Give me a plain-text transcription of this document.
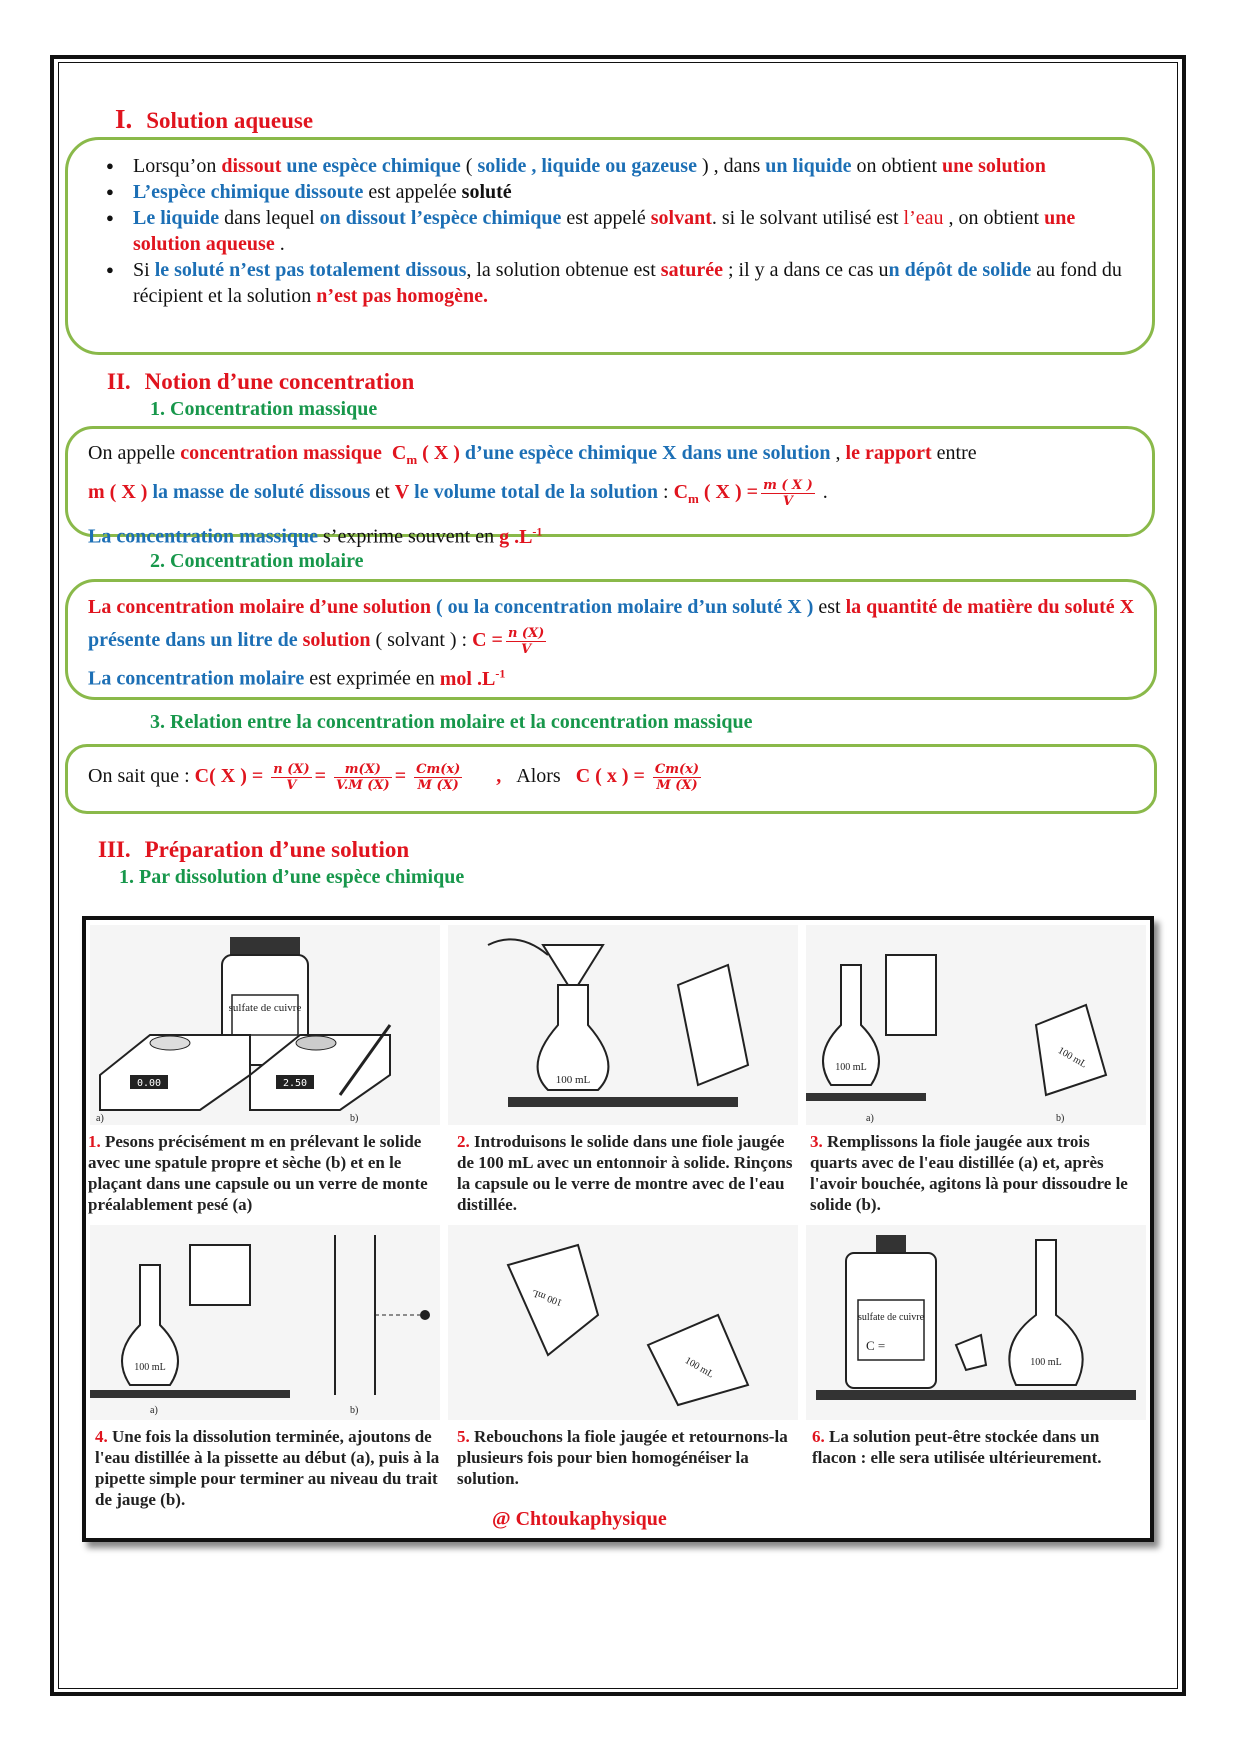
I. Solution aqueuse
● Lorsqu’on dissout une espèce chimique ( solide , liquide ou gazeuse ) , dans un liquide on obtient une solution
● L’espèce chimique dissoute est appelée soluté
● Le liquide dans lequel on dissout l’espèce chimique est appelé solvant. si le solvant utilisé est l’eau , on obtient une solution aqueuse .
● Si le soluté n’est pas totalement dissous, la solution obtenue est saturée ; il y a dans ce cas un dépôt de solide au fond du récipient et la solution n’est pas homogène.
II. Notion d’une concentration
1. Concentration massique
On appelle concentration massique $C_m$ ( X ) d’une espèce chimique X dans une solution , le rapport entre
m ( X ) la masse de soluté dissous et V le volume total de la solution : $C_m$ ( X ) = $\frac{m ( X )}{V}$ .
La concentration massique s’exprime souvent en g $.L^{-1}$
2. Concentration molaire
La concentration molaire d’une solution ( ou la concentration molaire d’un soluté X ) est la quantité de matière du soluté X présente dans un litre de solution ( solvant ) : $C = \frac{n (X)}{V}$

La concentration molaire est exprimée en mol $.L^{-1}$
3. Relation entre la concentration molaire et la concentration massique
On sait que : C( X ) = $\frac{n (X)}{V} = \frac{m(X)}{V.M (X)} = \frac{Cm(x)}{M (X)}$ , Alors C ( x ) = $\frac{Cm(x)}{M (X)}$
III. Préparation d’une solution
1. Par dissolution d’une espèce chimique
sulfate de cuivre
0.00	2.50
a)	b)
100 mL
100 mL	100 mL
a)	b)
1. Pesons précisément m en prélevant le solide avec une spatule propre et sèche (b) et en le plaçant dans une capsule ou un verre de monte préalablement pesé (a)
2. Introduisons le solide dans une fiole jaugée de 100 mL avec un entonnoir à solide. Rinçons la capsule ou le verre de montre avec de l'eau distillée.
3. Remplissons la fiole jaugée aux trois quarts avec de l'eau distillée (a) et, après l'avoir bouchée, agitons là pour dissoudre le solide (b).
100 mL
a)	b)
100 mL
100 mL
sulfate de cuivre
C =
100 mL
4. Une fois la dissolution terminée, ajoutons de l'eau distillée à la pissette au début (a), puis à la pipette simple pour terminer au niveau du trait de jauge (b).
5. Rebouchons la fiole jaugée et retournons-la plusieurs fois pour bien homogénéiser la solution.
6. La solution peut-être stockée dans un flacon : elle sera utilisée ultérieurement.
@ Chtoukaphysique
